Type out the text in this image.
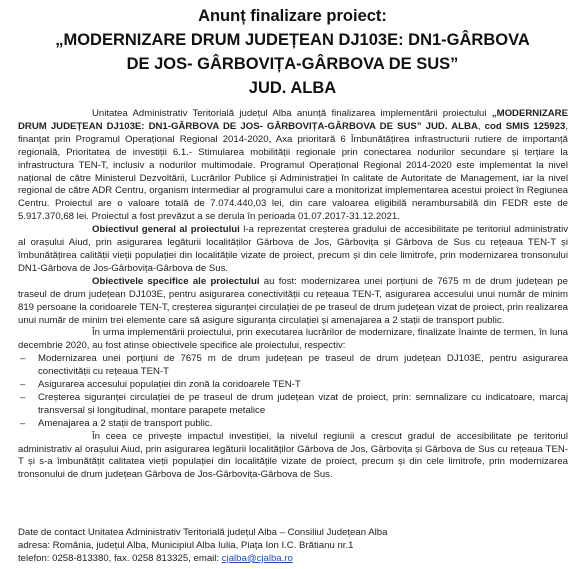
Anunț finalizare proiect:
„MODERNIZARE DRUM JUDEȚEAN DJ103E: DN1-GÂRBOVA
DE JOS- GÂRBOVIȚA-GÂRBOVA DE SUS”
JUD. ALBA

Unitatea Administrativ Teritorială județul Alba anunță finalizarea implementării proiectului „MODERNIZARE DRUM JUDEȚEAN DJ103E: DN1-GÂRBOVA DE JOS- GÂRBOVIȚA-GÂRBOVA DE SUS” JUD. ALBA, cod SMIS 125923, finanțat prin Programul Operațional Regional 2014-2020, Axa prioritară 6 Îmbunătățirea infrastructurii rutiere de importanță regională, Prioritatea de investiții 6.1.- Stimularea mobilității regionale prin conectarea nodurilor secundare și terțiare la infrastructura TEN-T, inclusiv a nodurilor multimodale. Programul Operațional Regional 2014-2020 este implementat la nivel național de către Ministerul Dezvoltării, Lucrărilor Publice și Administrației în calitate de Autoritate de Management, iar la nivel regional de către ADR Centru, organism intermediar al programului care a monitorizat implementarea acestui proiect în Regiunea Centru. Proiectul are o valoare totală de 7.074.440,03 lei, din care valoarea eligibilă nerambursabilă din FEDR este de 5.917.370,68 lei. Proiectul a fost prevăzut a se derula în perioada 01.07.2017-31.12.2021.

Obiectivul general al proiectului l-a reprezentat creșterea gradului de accesibilitate pe teritoriul administrativ al orașului Aiud, prin asigurarea legăturii localităților Gârbova de Jos, Gârbovița și Gârbova de Sus cu rețeaua TEN-T și îmbunătățirea calității vieții populației din localitățile vizate de proiect, precum și din cele limitrofe, prin modernizarea tronsonului DN1-Gârbova de Jos-Gârbovița-Gârbova de Sus.

Obiectivele specifice ale proiectului au fost: modernizarea unei porțiuni de 7675 m de drum județean pe traseul de drum județean DJ103E, pentru asigurarea conectivității cu rețeaua TEN-T, asigurarea accesului unui număr de minim 819 persoane la coridoarele TEN-T, creșterea siguranței circulației de pe traseul de drum județean vizat de proiect, prin realizarea unui număr de minim trei elemente care să asigure siguranța circulației și amenajarea a 2 stații de transport public.

În urma implementării proiectului, prin executarea lucrărilor de modernizare, finalizate înainte de termen, în luna decembrie 2020, au fost atinse obiectivele specifice ale proiectului, respectiv:

– Modernizarea unei porțiuni de 7675 m de drum județean pe traseul de drum județean DJ103E, pentru asigurarea conectivității cu rețeaua TEN-T
– Asigurarea accesului populației din zonă la coridoarele TEN-T
– Creșterea siguranței circulației de pe traseul de drum județean vizat de proiect, prin: semnalizare cu indicatoare, marcaj transversal și longitudinal, montare parapete metalice
– Amenajarea a 2 stații de transport public.

În ceea ce privește impactul investiției, la nivelul regiunii a crescut gradul de accesibilitate pe teritoriul administrativ al orașului Aiud, prin asigurarea legăturii localităților Gârbova de Jos, Gârbovița și Gârbova de Sus cu rețeaua TEN-T și s-a îmbunătățit calitatea vieții populației din localitățile vizate de proiect, precum și din cele limitrofe, prin modernizarea tronsonului de drum județean Gârbova de Jos-Gârbovița-Gârbova de Sus.

Date de contact Unitatea Administrativ Teritorială județul Alba – Consiliul Județean Alba
adresa: România, județul Alba, Municipiul Alba Iulia, Piața Ion I.C. Brătianu nr.1
telefon: 0258-813380, fax. 0258 813325, email: cjalba@cjalba.ro
